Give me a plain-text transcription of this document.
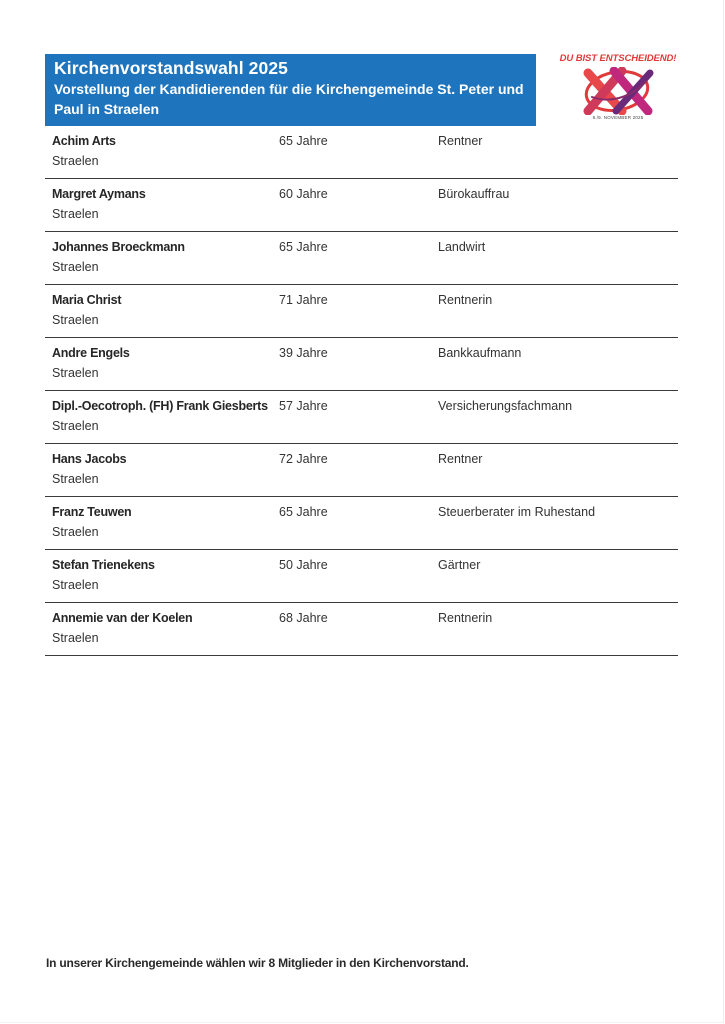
Kirchenvorstandswahl 2025
Vorstellung der Kandidierenden für die Kirchengemeinde St. Peter und
Paul in Straelen
DU BIST ENTSCHEIDEND!
8./9. NOVEMBER 2025
Achim Arts
Straelen
65 Jahre	Rentner
Margret Aymans
Straelen
60 Jahre	Bürokauffrau
Johannes Broeckmann
Straelen
65 Jahre	Landwirt
Maria Christ
Straelen
71 Jahre	Rentnerin
Andre Engels
Straelen
39 Jahre	Bankkaufmann
Dipl.-Oecotroph. (FH) Frank Giesberts
Straelen
57 Jahre	Versicherungsfachmann
Hans Jacobs
Straelen
72 Jahre	Rentner
Franz Teuwen
Straelen
65 Jahre	Steuerberater im Ruhestand
Stefan Trienekens
Straelen
50 Jahre	Gärtner
Annemie van der Koelen
Straelen
68 Jahre	Rentnerin
In unserer Kirchengemeinde wählen wir 8 Mitglieder in den Kirchenvorstand.
